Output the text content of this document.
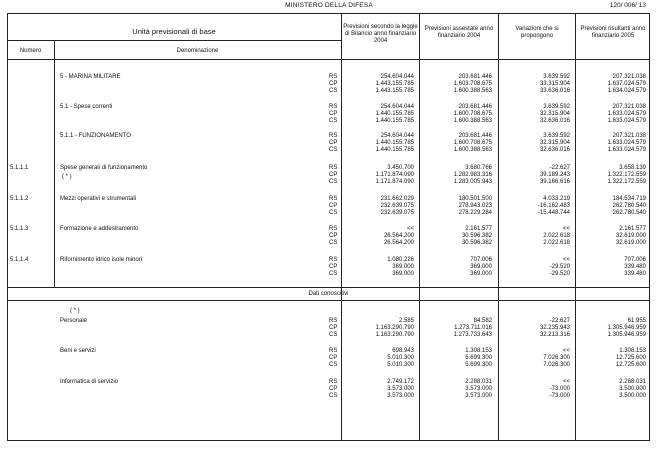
MINISTERO DELLA DIFESA	120/ 006/ 13
Unità previsionali di base
Numero	Denominazione
Previsioni secondo la leggle di Bilancio anno finanziario 2004
Previsioni assestate anno finanziario 2004
Variazioni che si propongono
Previsioni risultanti anno finanziario 2005
5 - MARINA MILITARE	RS	254.604.044	203.681.446	3.639.592	207.321.038
CP	1.443.155.785	1.603.708.675	33.315.904	1.637.024.579
CS	1.443.155.785	1.600.388.563	33.636.016	1.634.024.579
5.1 - Spese correnti	RS	254.604.044	203.681.446	3.639.592	207.321.038
CP	1.440.155.785	1.600.708.675	32.315.904	1.633.024.579
CS	1.440.155.785	1.600.388.563	32.636.016	1.633.024.579
5.1.1 - FUNZIONAMENTO	RS	254.604.044	203.681.446	3.639.592	207.321.038
CP	1.440.155.785	1.600.708.675	32.315.904	1.633.024.579
CS	1.440.155.785	1.600.388.563	32.636.016	1.633.024.579
5.1.1.1	Spese generali di funzionamento
( * )
RS	3.450.700	3.680.766	-22.627	3.658.139
CP	1.171.874.090	1.282.983.316	39.189.243	1.322.172.559
CS	1.171.874.090	1.283.005.943	39.166.616	1.322.172.559
5.1.1.2	Mezzi operativi e strumentali	RS	231.662.029	180.501.500	4.033.219	184.534.719
CP	232.639.075	278.943.023	-16.162.483	262.780.540
CS	232.639.075	278.229.284	-15.448.744	262.780.540
5.1.1.3	Formazione e addestramento	RS	<<	2.161.577	<<	2.161.577
CP	26.564.200	30.596.382	2.022.618	32.619.000
CS	26.564.200	30.596.382	2.022.618	32.619.000
5.1.1.4	Rifornimento idrico isole minori	RS	1.080.226	707.006	<<	707.006
CP	369.000	369.000	-29.520	339.480
CS	369.000	369.000	-29.520	339.480
Dati conoscitivi
( * )
Personale	RS	2.585	84.582	-22.627	61.955
CP	1.163.290.790	1.273.711.016	32.235.943	1.305.946.959
CS	1.163.290.790	1.273.733.643	32.213.316	1.305.946.959
Beni e servizi	RS	698.943	1.308.153	<<	1.308.153
CP	5.010.300	5.699.300	7.026.300	12.725.600
CS	5.010.300	5.699.300	7.026.300	12.725.600
Informatica di servizio	RS	2.749.172	2.288.031	<<	2.288.031
CP	3.573.000	3.573.000	-73.000	3.500.000
CS	3.573.000	3.573.000	-73.000	3.500.000
